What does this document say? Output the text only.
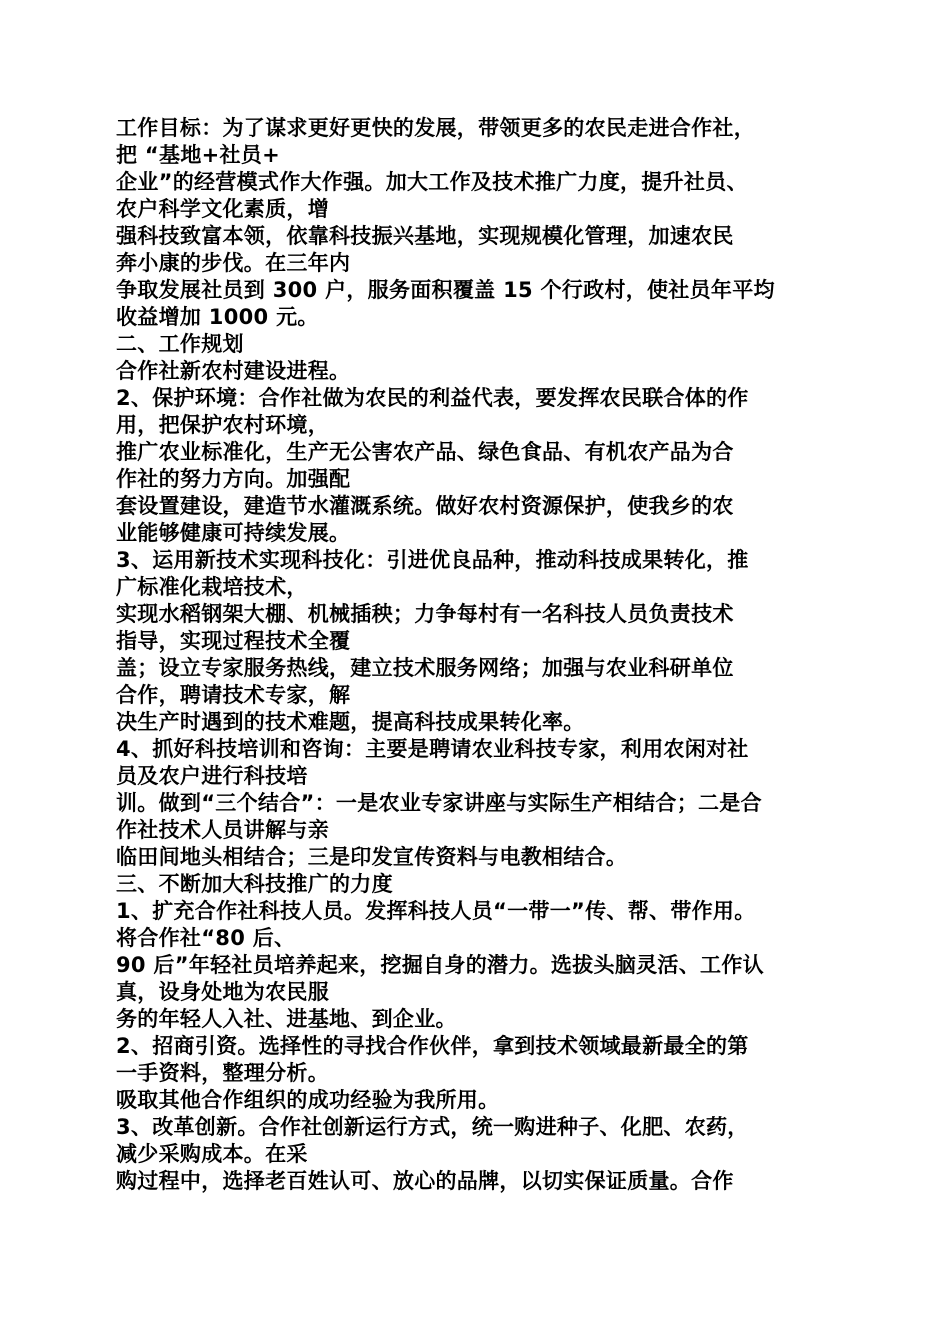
工作目标：为了谋求更好更快的发展，带领更多的农民走进合作社，
把 “基地+社员+
企业”的经营模式作大作强。加大工作及技术推广力度，提升社员、
农户科学文化素质，增
强科技致富本领，依靠科技振兴基地，实现规模化管理，加速农民
奔小康的步伐。在三年内
争取发展社员到 300 户，服务面积覆盖 15 个行政村，使社员年平均
收益增加 1000 元。
二、工作规划
合作社新农村建设进程。
2、保护环境：合作社做为农民的利益代表，要发挥农民联合体的作
用，把保护农村环境，
推广农业标准化，生产无公害农产品、绿色食品、有机农产品为合
作社的努力方向。加强配
套设置建设，建造节水灌溉系统。做好农村资源保护，使我乡的农
业能够健康可持续发展。
3、运用新技术实现科技化：引进优良品种，推动科技成果转化，推
广标准化栽培技术，
实现水稻钢架大棚、机械插秧；力争每村有一名科技人员负责技术
指导，实现过程技术全覆
盖；设立专家服务热线，建立技术服务网络；加强与农业科研单位
合作，聘请技术专家，解
决生产时遇到的技术难题，提高科技成果转化率。
4、抓好科技培训和咨询：主要是聘请农业科技专家，利用农闲对社
员及农户进行科技培
训。做到“三个结合”：一是农业专家讲座与实际生产相结合；二是合
作社技术人员讲解与亲
临田间地头相结合；三是印发宣传资料与电教相结合。
三、不断加大科技推广的力度
1、扩充合作社科技人员。发挥科技人员“一带一”传、帮、带作用。
将合作社“80 后、
90 后”年轻社员培养起来，挖掘自身的潜力。选拔头脑灵活、工作认
真，设身处地为农民服
务的年轻人入社、进基地、到企业。
2、招商引资。选择性的寻找合作伙伴，拿到技术领域最新最全的第
一手资料，整理分析。
吸取其他合作组织的成功经验为我所用。
3、改革创新。合作社创新运行方式，统一购进种子、化肥、农药，
减少采购成本。在采
购过程中，选择老百姓认可、放心的品牌，以切实保证质量。合作
